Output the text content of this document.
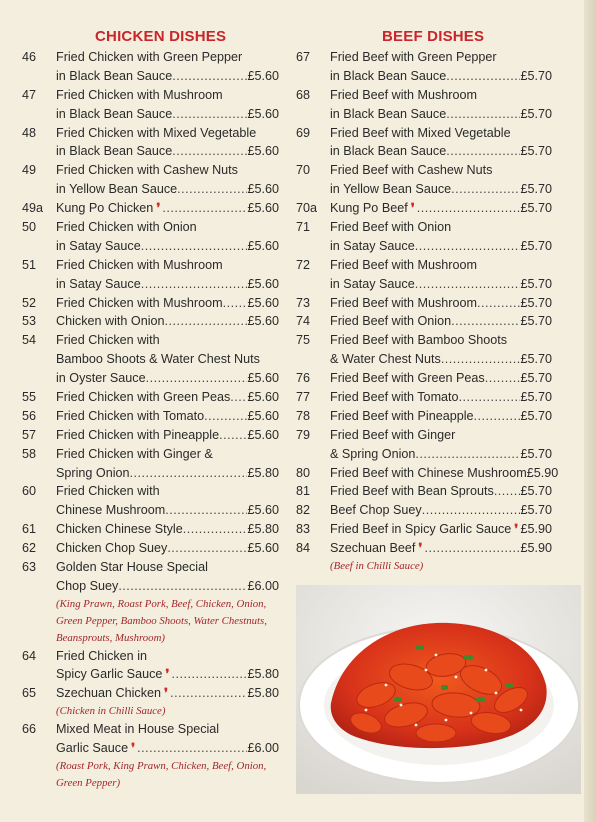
CHICKEN DISHES
46 Fried Chicken with Green Pepper
in Black Bean Sauce .....	£5.60
47 Fried Chicken with Mushroom
in Black Bean Sauce .....	£5.60
48 Fried Chicken with Mixed Vegetable
in Black Bean Sauce .....	£5.60
49 Fried Chicken with Cashew Nuts
in Yellow Bean Sauce .....	£5.60
49a Kung Po Chicken ❜ .....	£5.60
50 Fried Chicken with Onion
in Satay Sauce .....	£5.60
51 Fried Chicken with Mushroom
in Satay Sauce .....	£5.60
52 Fried Chicken with Mushroom ..... £5.60
53 Chicken with Onion .....	£5.60
54 Fried Chicken with
Bamboo Shoots & Water Chest Nuts
in Oyster Sauce .....	£5.60
55 Fried Chicken with Green Peas ..... £5.60
56 Fried Chicken with Tomato .....	£5.60
57 Fried Chicken with Pineapple ..... £5.60
58 Fried Chicken with Ginger &
Spring Onion .....	£5.80
60 Fried Chicken with
Chinese Mushroom .....	£5.60
61 Chicken Chinese Style .....	£5.80
62 Chicken Chop Suey .....	£5.60
63 Golden Star House Special
Chop Suey .....	£6.00
(King Prawn, Roast Pork, Beef, Chicken, Onion, Green Pepper, Bamboo Shoots, Water Chestnuts, Beansprouts, Mushroom)
64 Fried Chicken in
Spicy Garlic Sauce ❜ .....	£5.80
65 Szechuan Chicken ❜ .....	£5.80
(Chicken in Chilli Sauce)
66 Mixed Meat in House Special
Garlic Sauce ❜ .....	£6.00
(Roast Pork, King Prawn, Chicken, Beef, Onion, Green Pepper)
BEEF DISHES
67 Fried Beef with Green Pepper
in Black Bean Sauce .....	£5.70
68 Fried Beef with Mushroom
in Black Bean Sauce .....	£5.70
69 Fried Beef with Mixed Vegetable
in Black Bean Sauce .....	£5.70
70 Fried Beef with Cashew Nuts
in Yellow Bean Sauce .....	£5.70
70a Kung Po Beef ❜ .....	£5.70
71 Fried Beef with Onion
in Satay Sauce .....	£5.70
72 Fried Beef with Mushroom
in Satay Sauce .....	£5.70
73 Fried Beef with Mushroom .....	£5.70
74 Fried Beef with Onion .....	£5.70
75 Fried Beef with Bamboo Shoots
& Water Chest Nuts .....	£5.70
76 Fried Beef with Green Peas .....	£5.70
77 Fried Beef with Tomato .....	£5.70
78 Fried Beef with Pineapple .....	£5.70
79 Fried Beef with Ginger
& Spring Onion .....	£5.70
80 Fried Beef with Chinese Mushroom £5.90
81 Fried Beef with Bean Sprouts ..... £5.70
82 Beef Chop Suey .....	£5.70
83 Fried Beef in Spicy Garlic Sauce ❜ £5.90
84 Szechuan Beef ❜ .....	£5.90
(Beef in Chilli Sauce)
